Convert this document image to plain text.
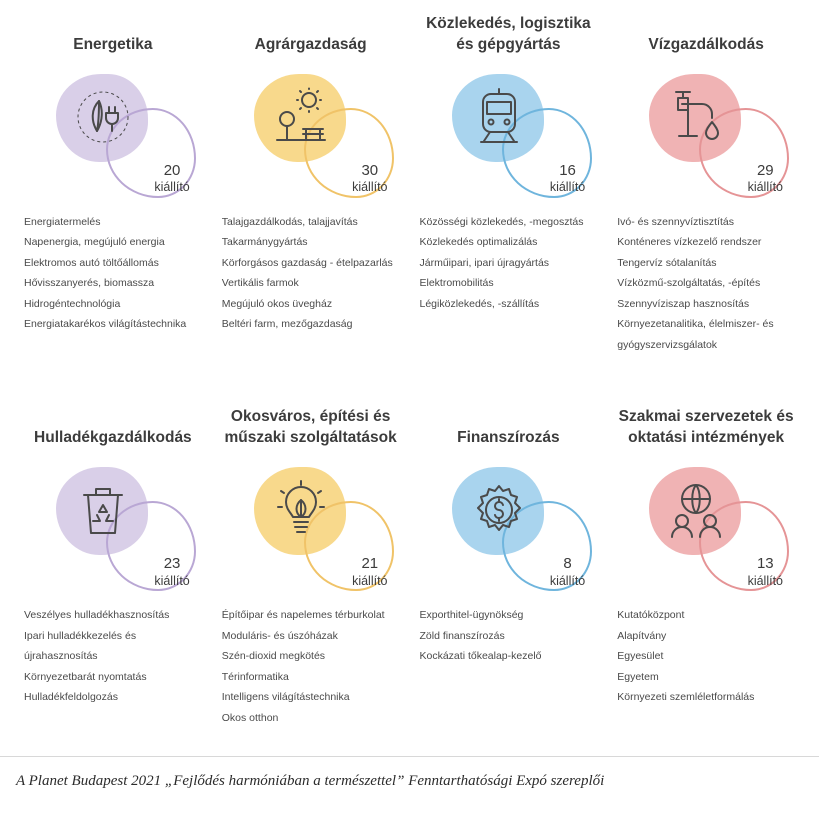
Energetika
20
kiállító
Energiatermelés
Napenergia, megújuló energia
Elektromos autó töltőállomás
Hővisszanyerés, biomassza
Hidrogéntechnológia
Energiatakarékos világítástechnika
Agrárgazdaság
30
kiállító
Talajgazdálkodás, talajjavítás
Takarmánygyártás
Körforgásos gazdaság - ételpazarlás
Vertikális farmok
Megújuló okos üvegház
Beltéri farm, mezőgazdaság
Közlekedés, logisztika és gépgyártás
16
kiállító
Közösségi közlekedés, -megosztás
Közlekedés optimalizálás
Járműipari, ipari újragyártás
Elektromobilitás
Légiközlekedés, -szállítás
Vízgazdálkodás
29
kiállító
Ivó- és szennyvíztisztítás
Konténeres vízkezelő rendszer
Tengervíz sótalanítás
Vízközmű-szolgáltatás, -építés
Szennyvíziszap hasznosítás
Környezetanalitika, élelmiszer- és gyógyszervizsgálatok
Hulladékgazdálkodás
23
kiállító
Veszélyes hulladékhasznosítás
Ipari hulladékkezelés és újrahasznosítás
Környezetbarát nyomtatás
Hulladékfeldolgozás
Okosváros, építési és műszaki szolgáltatások
21
kiállító
Építőipar és napelemes térburkolat
Moduláris- és úszóházak
Szén-dioxid megkötés
Térinformatika
Intelligens világítástechnika
Okos otthon
Finanszírozás
8
kiállító
Exporthitel-ügynökség
Zöld finanszírozás
Kockázati tőkealap-kezelő
Szakmai szervezetek és oktatási intézmények
13
kiállító
Kutatóközpont
Alapítvány
Egyesület
Egyetem
Környezeti szemléletformálás
A Planet Budapest 2021 „Fejlődés harmóniában a természettel” Fenntarthatósági Expó szereplői
